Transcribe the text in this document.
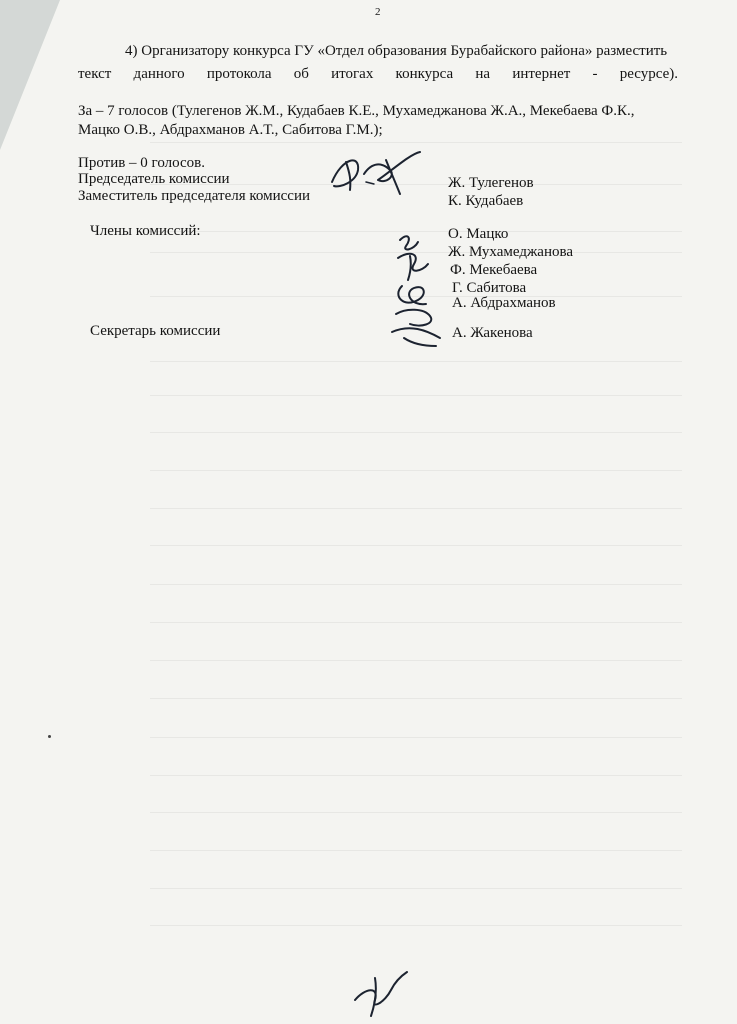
2
4) Организатору конкурса ГУ «Отдел образования Бурабайского района» разместить
текст данного протокола об итогах конкурса на интернет - ресурсе).
За – 7 голосов (Тулегенов Ж.М., Кудабаев К.Е., Мухамеджанова Ж.А., Мекебаева Ф.К.,
Мацко О.В., Абдрахманов А.Т., Сабитова Г.М.);
Против – 0 голосов.
Председатель комиссии	Ж. Тулегенов
Заместитель председателя комиссии	К. Кудабаев
Члены комиссий:	О. Мацко
Ж. Мухамеджанова
Ф. Мекебаева
Г. Сабитова
А. Абдрахманов
Секретарь комиссии	А. Жакенова
